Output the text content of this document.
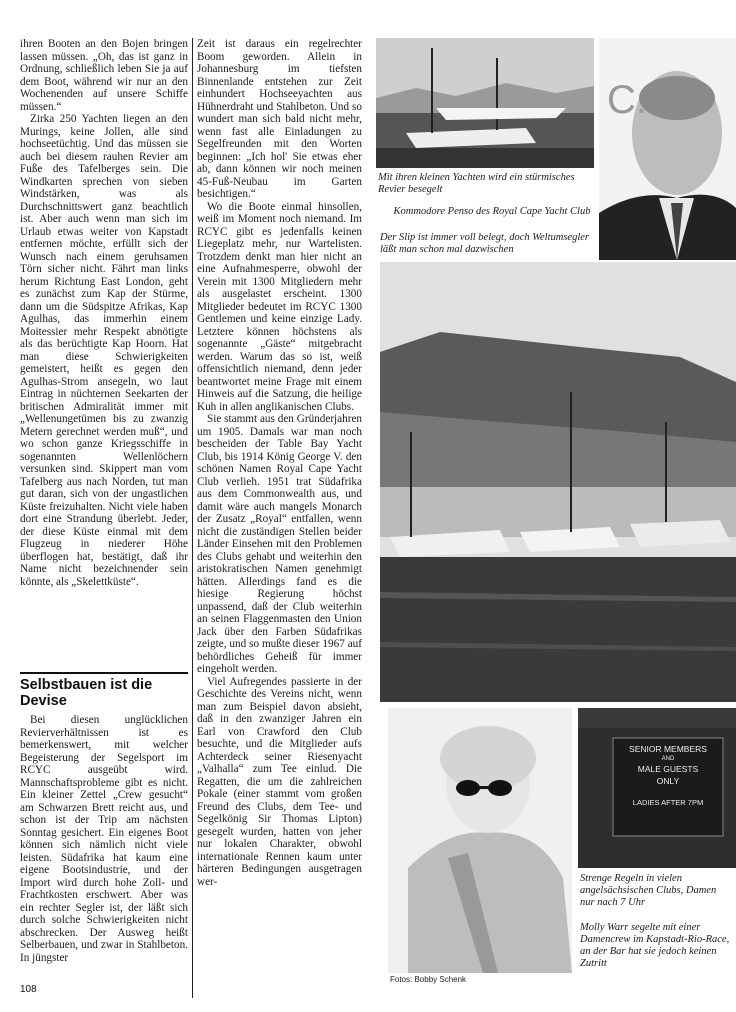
ihren Booten an den Bojen bringen lassen müssen. „Oh, das ist ganz in Ordnung, schließlich leben Sie ja auf dem Boot, während wir nur an den Wochenenden auf unsere Schiffe müssen.“

Zirka 250 Yachten liegen an den Murings, keine Jollen, alle sind hochseetüchtig. Und das müssen sie auch bei diesem rauhen Revier am Fuße des Tafelberges sein. Die Windkarten sprechen von sieben Windstärken, was als Durchschnittswert ganz beachtlich ist. Aber auch wenn man sich im Urlaub etwas weiter von Kapstadt entfernen möchte, erfüllt sich der Wunsch nach einem geruhsamen Törn sicher nicht. Fährt man links herum Richtung East London, geht es zunächst zum Kap der Stürme, dann um die Südspitze Afrikas, Kap Agulhas, das immerhin einem Moitessier mehr Respekt abnötigte als das berüchtigte Kap Hoorn. Hat man diese Schwierigkeiten gemeistert, heißt es gegen den Agulhas-Strom ansegeln, wo laut Eintrag in nüchternen Seekarten der britischen Admiralität immer mit „Wellenungetümen bis zu zwanzig Metern gerechnet werden muß“, und wo schon ganze Kriegsschiffe in sogenannten Wellenlöchern versunken sind. Skippert man vom Tafelberg aus nach Norden, tut man gut daran, sich von der ungastlichen Küste freizuhalten. Nicht viele haben dort eine Strandung überlebt. Jeder, der diese Küste einmal mit dem Flugzeug in niederer Höhe überflogen hat, bestätigt, daß ihr Name nicht bezeichnender sein könnte, als „Skelettküste“.

Selbstbauen ist die Devise

Bei diesen unglücklichen Revierverhältnissen ist es bemerkenswert, mit welcher Begeisterung der Segelsport im RCYC ausgeübt wird. Mannschaftsprobleme gibt es nicht. Ein kleiner Zettel „Crew gesucht“ am Schwarzen Brett reicht aus, und schon ist der Trip am nächsten Sonntag gesichert. Ein eigenes Boot können sich nämlich nicht viele leisten. Südafrika hat kaum eine eigene Bootsindustrie, und der Import wird durch hohe Zoll- und Frachtkosten erschwert. Aber was ein rechter Segler ist, der läßt sich durch solche Schwierigkeiten nicht abschrecken. Der Ausweg heißt Selberbauen, und zwar in Stahlbeton. In jüngster

Zeit ist daraus ein regelrechter Boom geworden. Allein in Johannesburg im tiefsten Binnenlande entstehen zur Zeit einhundert Hochseeyachten aus Hühnerdraht und Stahlbeton. Und so wundert man sich bald nicht mehr, wenn fast alle Einladungen zu Segelfreunden mit den Worten beginnen: „Ich hol' Sie etwas eher ab, dann können wir noch meinen 45-Fuß-Neubau im Garten besichtigen.“

Wo die Boote einmal hinsollen, weiß im Moment noch niemand. Im RCYC gibt es jedenfalls keinen Liegeplatz mehr, nur Wartelisten. Trotzdem denkt man hier nicht an eine Aufnahmesperre, obwohl der Verein mit 1300 Mitgliedern mehr als ausgelastet erscheint. 1300 Mitglieder bedeutet im RCYC 1300 Gentlemen und keine einzige Lady. Letztere können höchstens als sogenannte „Gäste“ mitgebracht werden. Warum das so ist, weiß offensichtlich niemand, denn jeder beantwortet meine Frage mit einem Hinweis auf die Satzung, die heilige Kuh in allen anglikanischen Clubs.

Sie stammt aus den Gründerjahren um 1905. Damals war man noch bescheiden der Table Bay Yacht Club, bis 1914 König George V. den schönen Namen Royal Cape Yacht Club verlieh. 1951 trat Südafrika aus dem Commonwealth aus, und damit wäre auch mangels Monarch der Zusatz „Royal“ entfallen, wenn nicht die zuständigen Stellen beider Länder Einsehen mit den Problemen des Clubs gehabt und weiterhin den aristokratischen Namen genehmigt hätten. Allerdings fand es die hiesige Regierung höchst unpassend, daß der Club weiterhin an seinen Flaggenmasten den Union Jack über den Farben Südafrikas zeigte, und so mußte dieser 1967 auf behördliches Geheiß für immer eingeholt werden.

Viel Aufregendes passierte in der Geschichte des Vereins nicht, wenn man zum Beispiel davon absieht, daß in den zwanziger Jahren ein Earl von Crawford den Club besuchte, und die Mitglieder aufs Achterdeck seiner Riesenyacht „Valhalla“ zum Tee einlud. Die Regatten, die um die zahlreichen Pokale (einer stammt vom großen Freund des Clubs, dem Tee- und Segelkönig Sir Thomas Lipton) gesegelt wurden, hatten von jeher nur lokalen Charakter, obwohl internationale Rennen kaum unter härteren Bedingungen ausgetragen wer-

Mit ihren kleinen Yachten wird ein stürmisches Revier besegelt
Kommodore Penso des Royal Cape Yacht Club
C.
Der Slip ist immer voll belegt, doch Weltumsegler läßt man schon mal dazwischen
Fotos: Bobby Schenk
SENIOR MEMBERS
AND
MALE GUESTS
ONLY
LADIES AFTER 7PM
Strenge Regeln in vielen angelsächsischen Clubs, Damen nur nach 7 Uhr
Molly Warr segelte mit einer Damencrew im Kapstadt-Rio-Race, an der Bar hat sie jedoch keinen Zutritt
108
